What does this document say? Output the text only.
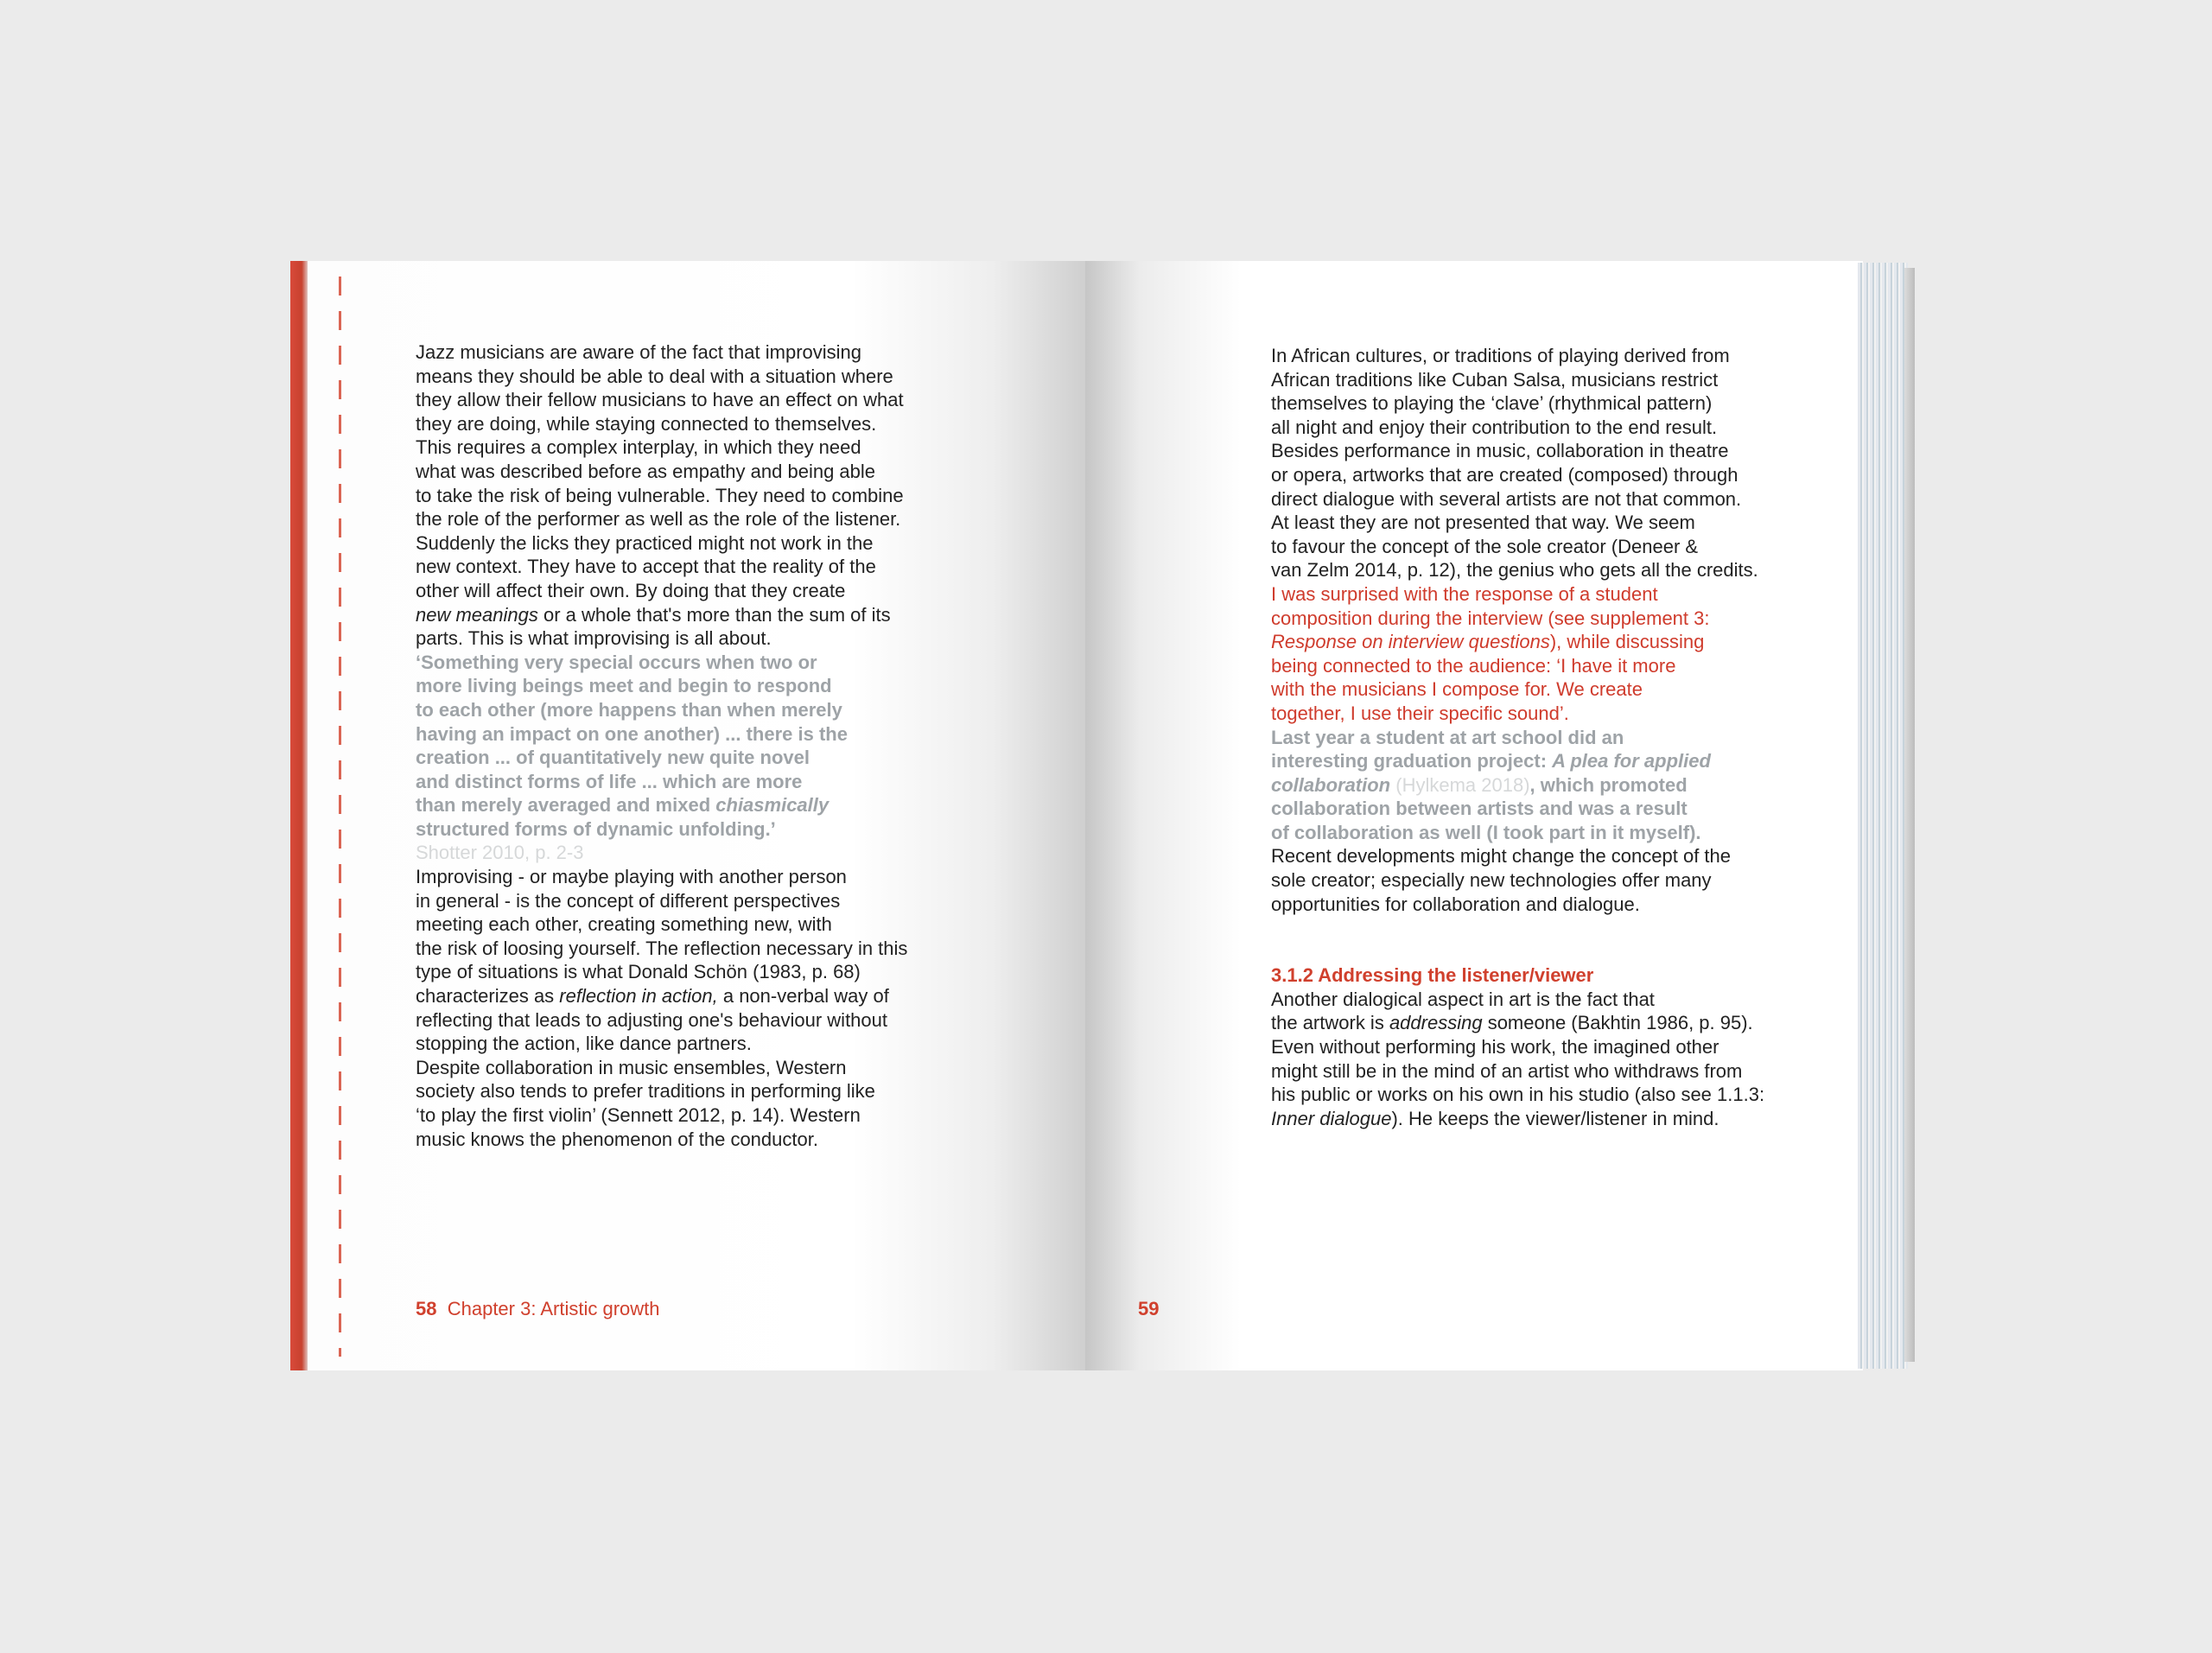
Jazz musicians are aware of the fact that improvising
means they should be able to deal with a situation where
they allow their fellow musicians to have an effect on what
they are doing, while staying connected to themselves.
This requires a complex interplay, in which they need
what was described before as empathy and being able
to take the risk of being vulnerable. They need to combine
the role of the performer as well as the role of the listener.
Suddenly the licks they practiced might not work in the
new context. They have to accept that the reality of the
other will affect their own. By doing that they create
new meanings or a whole that's more than the sum of its
parts. This is what improvising is all about.

‘Something very special occurs when two or
more living beings meet and begin to respond
to each other (more happens than when merely
having an impact on one another) ... there is the
creation ... of quantitatively new quite novel
and distinct forms of life ... which are more
than merely averaged and mixed chiasmically
structured forms of dynamic unfolding.’
Shotter 2010, p. 2-3

Improvising - or maybe playing with another person
in general - is the concept of different perspectives
meeting each other, creating something new, with
the risk of loosing yourself. The reflection necessary in this
type of situations is what Donald Schön (1983, p. 68)
characterizes as reflection in action, a non-verbal way of
reflecting that leads to adjusting one's behaviour without
stopping the action, like dance partners.

Despite collaboration in music ensembles, Western
society also tends to prefer traditions in performing like
‘to play the first violin’ (Sennett 2012, p. 14). Western
music knows the phenomenon of the conductor.

58 Chapter 3: Artistic growth

In African cultures, or traditions of playing derived from
African traditions like Cuban Salsa, musicians restrict
themselves to playing the ‘clave’ (rhythmical pattern)
all night and enjoy their contribution to the end result.
Besides performance in music, collaboration in theatre
or opera, artworks that are created (composed) through
direct dialogue with several artists are not that common.
At least they are not presented that way. We seem
to favour the concept of the sole creator (Deneer &
van Zelm 2014, p. 12), the genius who gets all the credits.

I was surprised with the response of a student
composition during the interview (see supplement 3:
Response on interview questions), while discussing
being connected to the audience: ‘I have it more
with the musicians I compose for. We create
together, I use their specific sound’.

Last year a student at art school did an
interesting graduation project: A plea for applied
collaboration (Hylkema 2018), which promoted
collaboration between artists and was a result
of collaboration as well (I took part in it myself).

Recent developments might change the concept of the
sole creator; especially new technologies offer many
opportunities for collaboration and dialogue.

3.1.2 Addressing the listener/viewer

Another dialogical aspect in art is the fact that
the artwork is addressing someone (Bakhtin 1986, p. 95).
Even without performing his work, the imagined other
might still be in the mind of an artist who withdraws from
his public or works on his own in his studio (also see 1.1.3:
Inner dialogue). He keeps the viewer/listener in mind.

59
